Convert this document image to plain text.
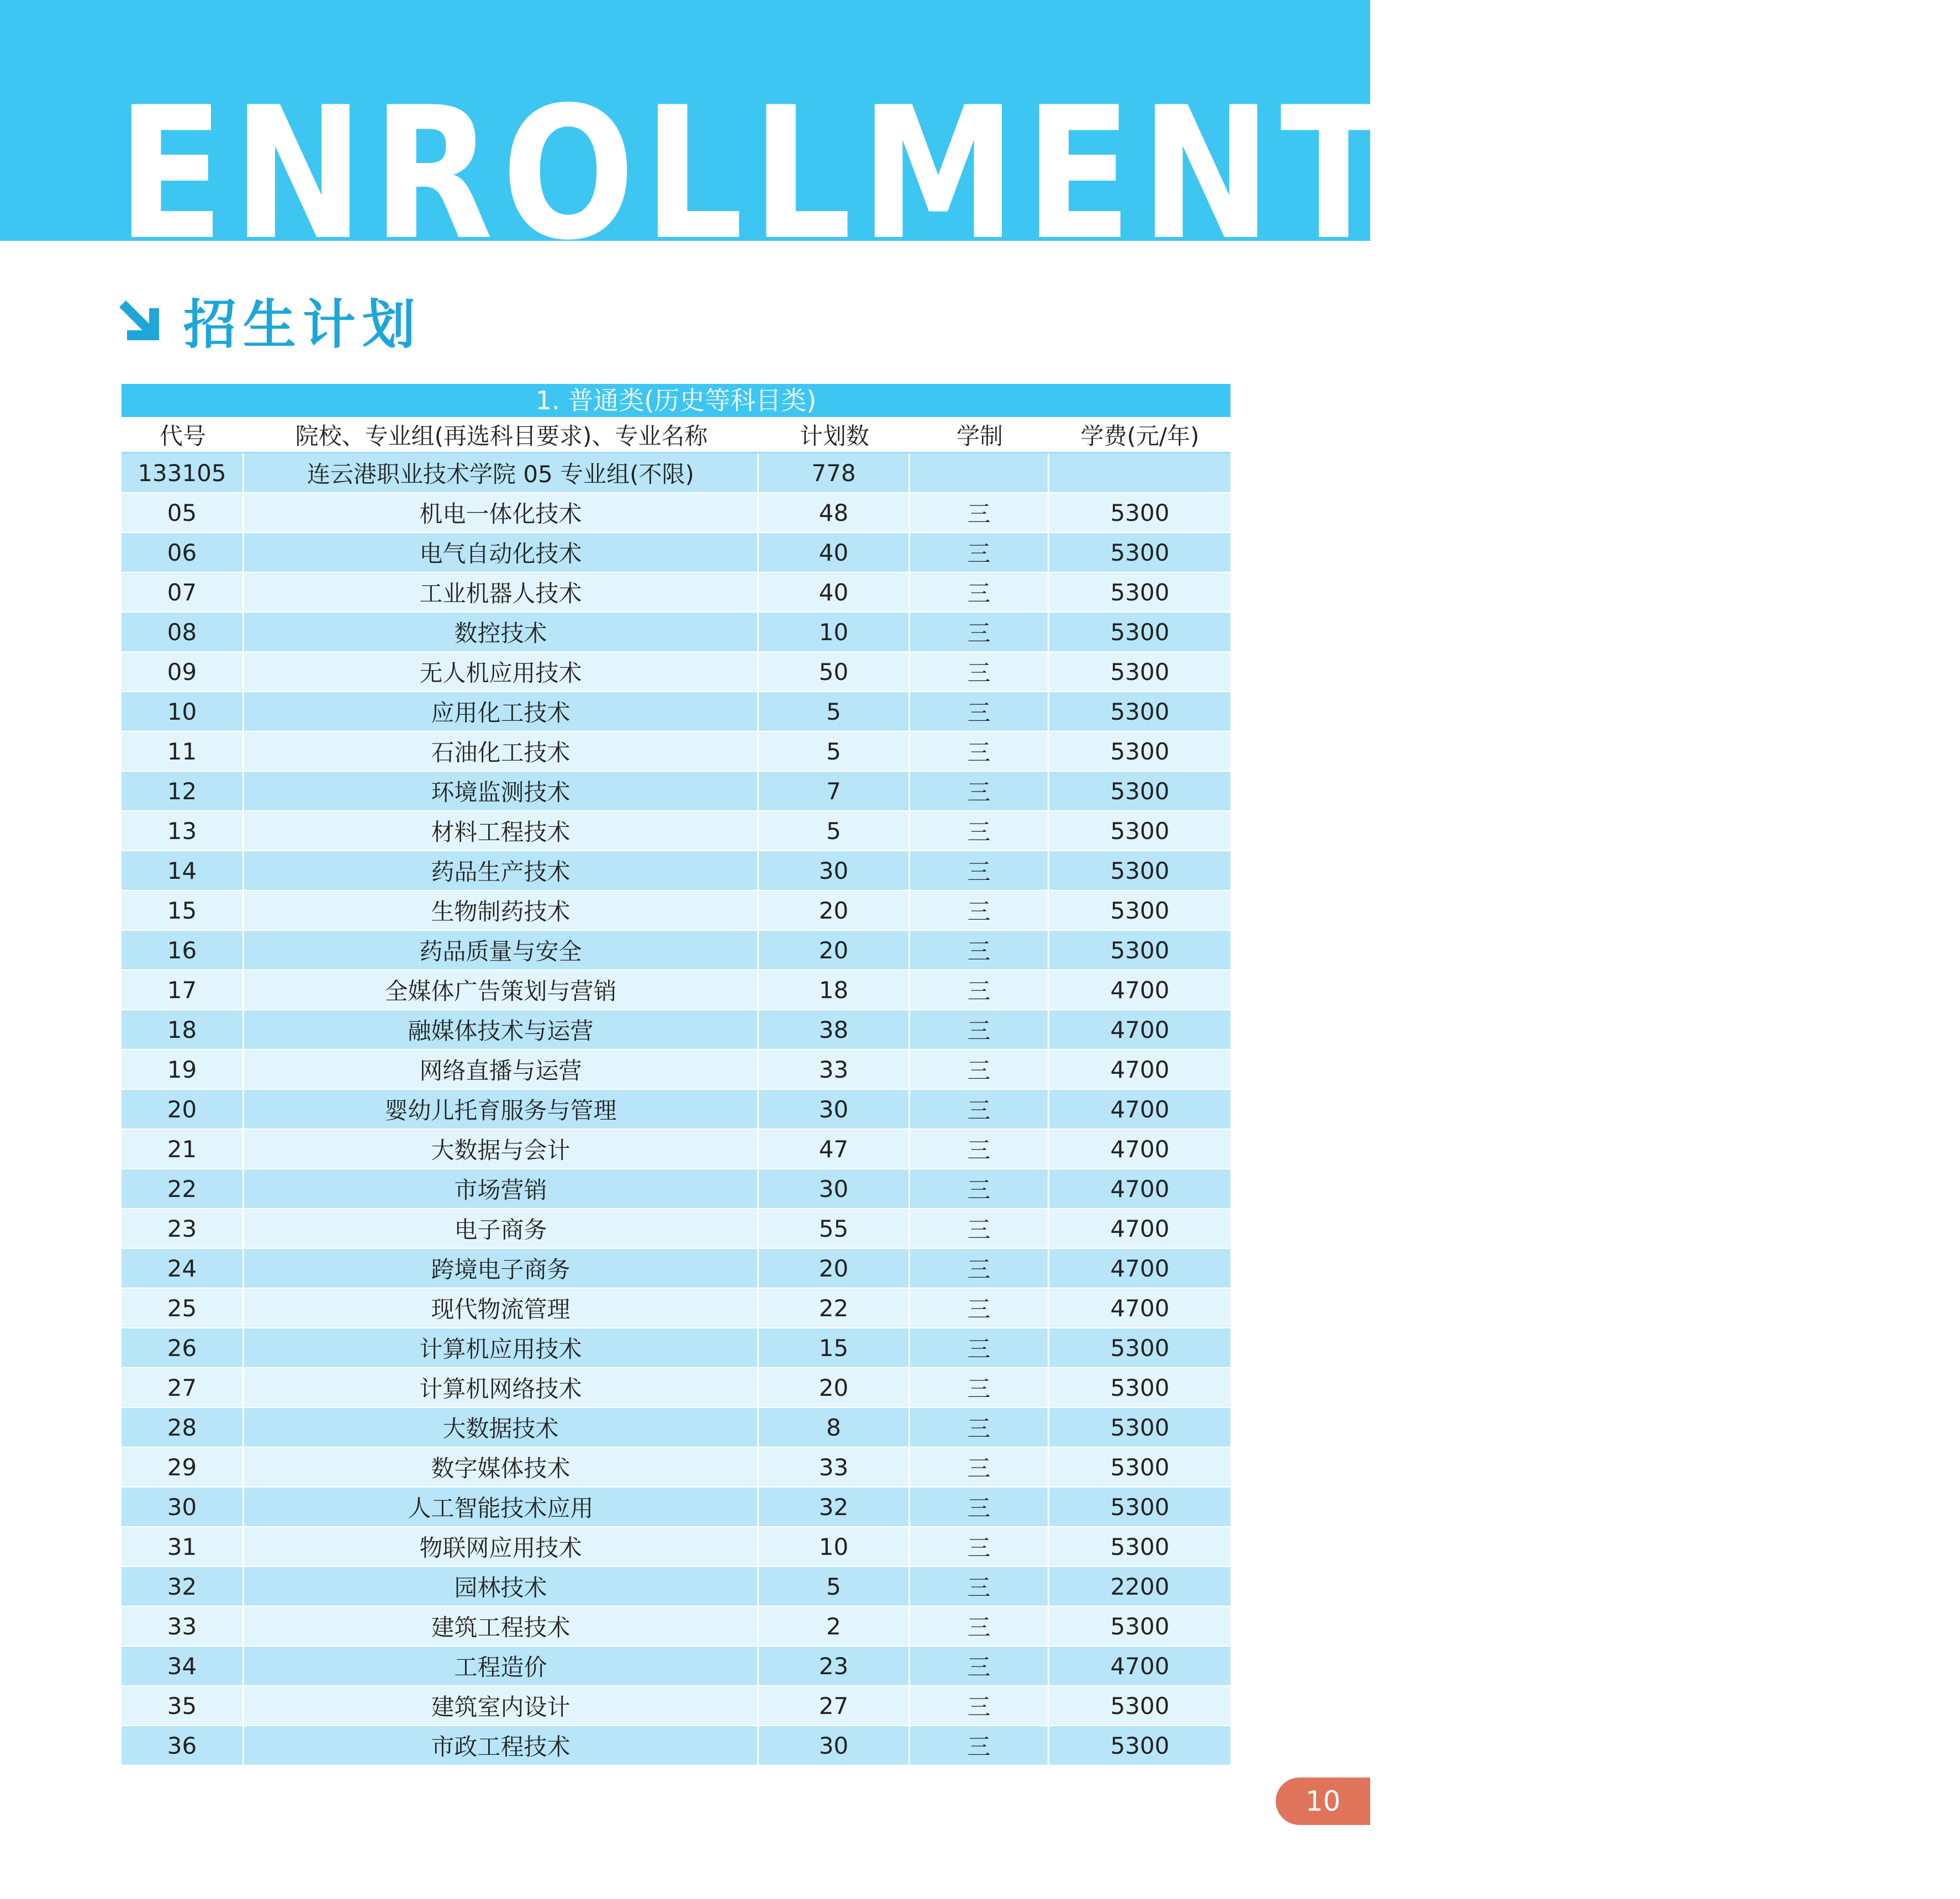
ENROLLMENT PLAN
招生计划
1. 普通类(历史等科目类)
代号	院校、专业组(再选科目要求)、专业名称	计划数	学制	学费(元/年)
133105	连云港职业技术学院 05 专业组(不限)	778
05	机电一体化技术	48	三	5300
06	电气自动化技术	40	三	5300
07	工业机器人技术	40	三	5300
08	数控技术	10	三	5300
09	无人机应用技术	50	三	5300
10	应用化工技术	5	三	5300
11	石油化工技术	5	三	5300
12	环境监测技术	7	三	5300
13	材料工程技术	5	三	5300
14	药品生产技术	30	三	5300
15	生物制药技术	20	三	5300
16	药品质量与安全	20	三	5300
17	全媒体广告策划与营销	18	三	4700
18	融媒体技术与运营	38	三	4700
19	网络直播与运营	33	三	4700
20	婴幼儿托育服务与管理	30	三	4700
21	大数据与会计	47	三	4700
22	市场营销	30	三	4700
23	电子商务	55	三	4700
24	跨境电子商务	20	三	4700
25	现代物流管理	22	三	4700
26	计算机应用技术	15	三	5300
27	计算机网络技术	20	三	5300
28	大数据技术	8	三	5300
29	数字媒体技术	33	三	5300
30	人工智能技术应用	32	三	5300
31	物联网应用技术	10	三	5300
32	园林技术	5	三	2200
33	建筑工程技术	2	三	5300
34	工程造价	23	三	4700
35	建筑室内设计	27	三	5300
36	市政工程技术	30	三	5300
10
